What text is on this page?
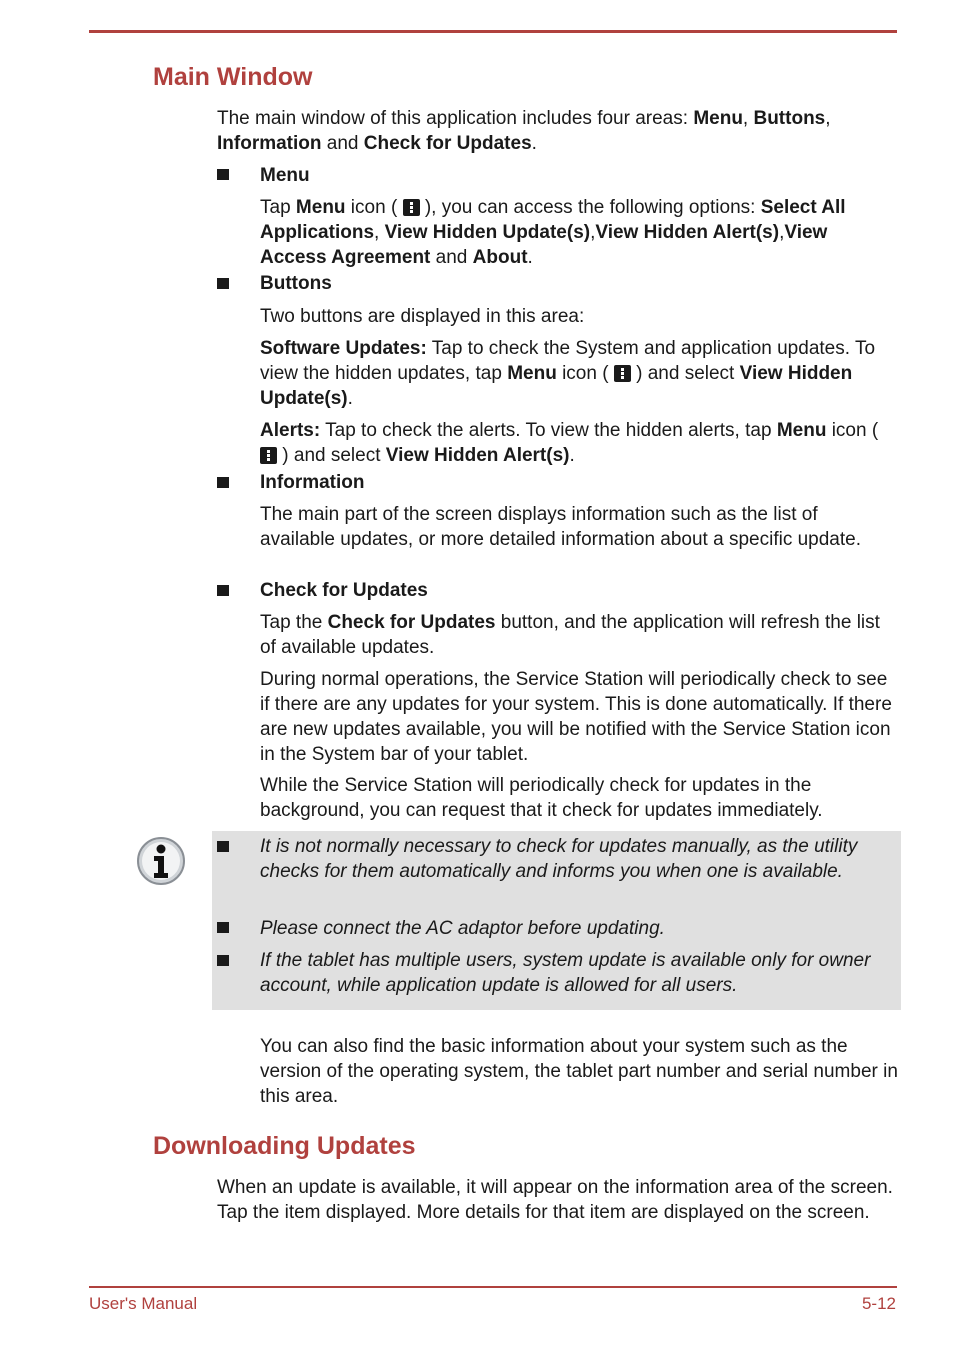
Main Window

The main window of this application includes four areas: Menu, Buttons, Information and Check for Updates.

Menu

Tap Menu icon (  ), you can access the following options: Select All Applications, View Hidden Update(s),View Hidden Alert(s),View Access Agreement and About.

Buttons

Two buttons are displayed in this area:

Software Updates: Tap to check the System and application updates. To view the hidden updates, tap Menu icon (  ) and select View Hidden Update(s).

Alerts: Tap to check the alerts. To view the hidden alerts, tap Menu icon (  ) and select View Hidden Alert(s).

Information

The main part of the screen displays information such as the list of available updates, or more detailed information about a specific update.

Check for Updates

Tap the Check for Updates button, and the application will refresh the list of available updates.

During normal operations, the Service Station will periodically check to see if there are any updates for your system. This is done automatically. If there are new updates available, you will be notified with the Service Station icon in the System bar of your tablet.

While the Service Station will periodically check for updates in the background, you can request that it check for updates immediately.

It is not normally necessary to check for updates manually, as the utility checks for them automatically and informs you when one is available.

Please connect the AC adaptor before updating.

If the tablet has multiple users, system update is available only for owner account, while application update is allowed for all users.

You can also find the basic information about your system such as the version of the operating system, the tablet part number and serial number in this area.

Downloading Updates

When an update is available, it will appear on the information area of the screen. Tap the item displayed. More details for that item are displayed on the screen.

User's Manual	5-12
